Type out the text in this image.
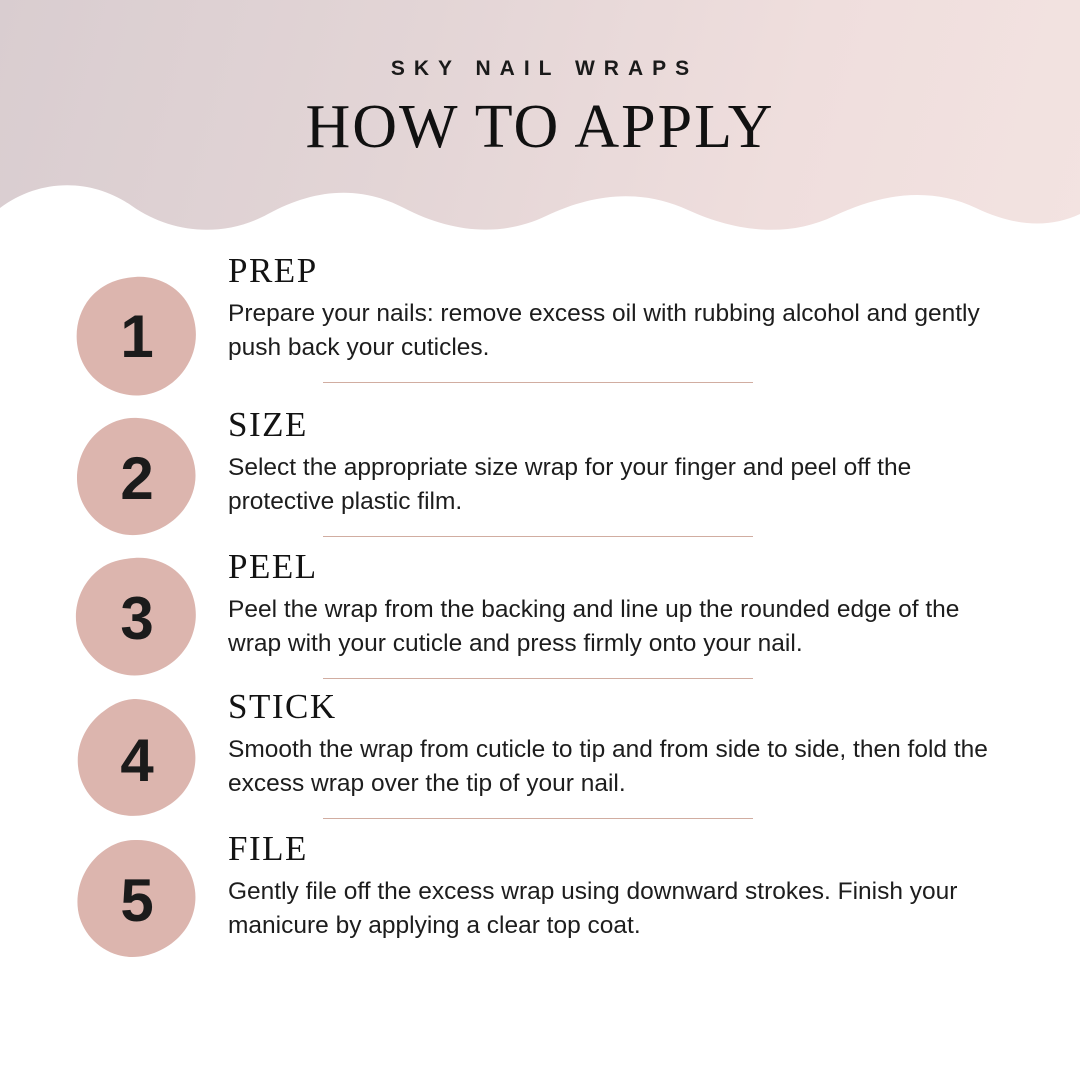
SKY NAIL WRAPS
HOW TO APPLY
1
PREP

Prepare your nails: remove excess oil with rubbing alcohol and gently push back your cuticles.

2
SIZE

Select the appropriate size wrap for your finger and peel off the protective plastic film.

3
PEEL

Peel the wrap from the backing and line up the rounded edge of the wrap with your cuticle and press firmly onto your nail.

4
STICK

Smooth the wrap from cuticle to tip and from side to side, then fold the excess wrap over the tip of your nail.

5
FILE

Gently file off the excess wrap using downward strokes. Finish your manicure by applying a clear top coat.
